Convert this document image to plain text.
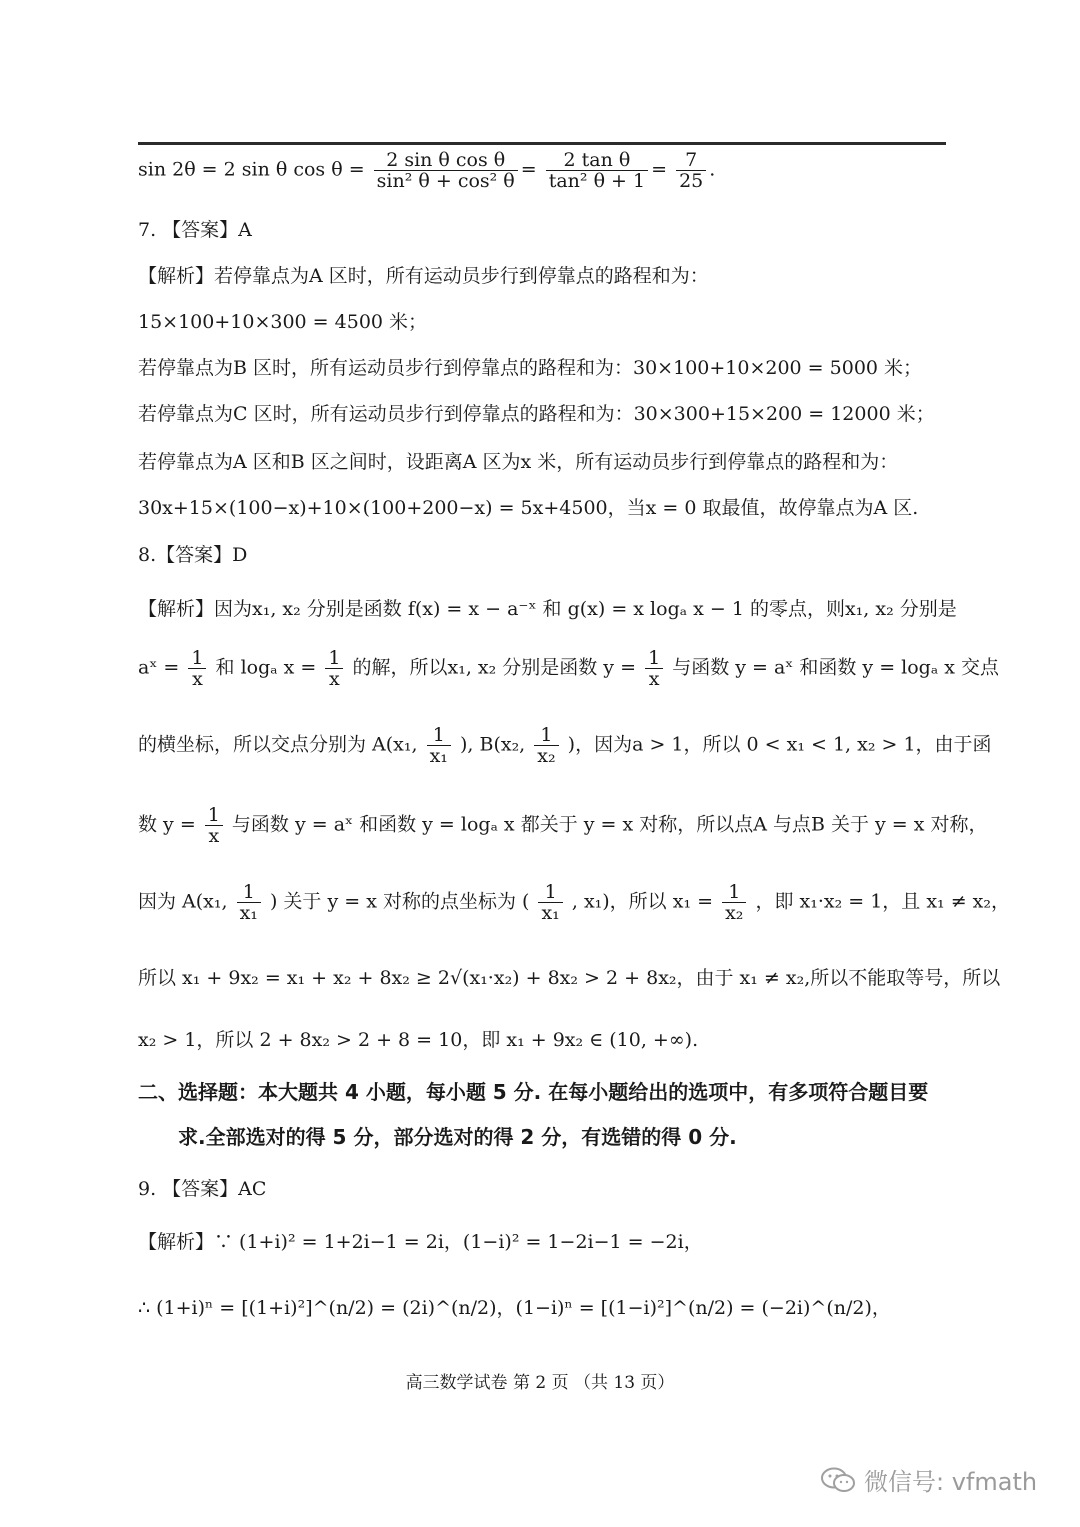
sin 2θ = 2 sin θ $\cos \theta = \frac{\text{2 sin θ cos θ}}{\text{sin² θ + cos² θ}} = \frac{\text{2 tan θ}}{\text{tan² θ + 1}} = \frac{7}{25}$ .
7. 【答案】A
【解析】若停靠点为A 区时，所有运动员步行到停靠点的路程和为：
15×100+10×300 = 4500 米；
若停靠点为B 区时，所有运动员步行到停靠点的路程和为：30×100+10×200 = 5000 米；
若停靠点为C 区时，所有运动员步行到停靠点的路程和为：30×300+15×200 = 12000 米；
若停靠点为A 区和B 区之间时，设距离A 区为x 米，所有运动员步行到停靠点的路程和为：
30x+15×(100−x)+10×(100+200−x) = 5x+4500，当x = 0 取最值，故停靠点为A 区.
8.【答案】D
【解析】因为x₁, x₂ 分别是函数 f(x) = x − a⁻ˣ 和 g(x) = x logₐ x − 1 的零点，则x₁, x₂ 分别是
aˣ = $\frac{1}{x}$ 和 logₐ $x = \frac{1}{x}$ 的解，所以x₁, x₂ 分别是函数 $y = \frac{1}{x}$ 与函数 y = aˣ 和函数 y = logₐ x 交点
的横坐标，所以交点分别为 A(x₁, $\frac{1}{\text{x₁}}$ ), B(x₂, $\frac{1}{\text{x₂}}$ )，因为a > 1，所以 0 < x₁ < 1, x₂ > 1，由于函
数 $y = \frac{1}{x}$ 与函数 y = aˣ 和函数 y = logₐ x 都关于 y = x 对称，所以点A 与点B 关于 y = x 对称，
因为 A(x₁, $\frac{1}{\text{x₁}}$ ) 关于 y = x 对称的点坐标为 ( $\frac{1}{\text{x₁}}$ , x₁)，所以 $x_1 = \frac{1}{\text{x₂}}$ ，即 x₁·x₂ = 1，且 x₁ ≠ x₂，
所以 x₁ + 9x₂ = x₁ + x₂ + 8x₂ ≥ 2√(x₁·x₂) + 8x₂ > 2 + 8x₂，由于 x₁ ≠ x₂,所以不能取等号，所以
x₂ > 1，所以 2 + 8x₂ > 2 + 8 = 10，即 x₁ + 9x₂ ∈ (10, +∞).
二、选择题：本大题共 4 小题，每小题 5 分. 在每小题给出的选项中，有多项符合题目要
求.全部选对的得 5 分，部分选对的得 2 分，有选错的得 0 分.
9. 【答案】AC
【解析】∵ (1+i)² = 1+2i−1 = 2i，(1−i)² = 1−2i−1 = −2i，
∴ (1+i)ⁿ = [(1+i)²]^(n/2) = (2i)^(n/2)，(1−i)ⁿ = [(1−i)²]^(n/2) = (−2i)^(n/2)，
高三数学试卷 第 2 页 （共 13 页）
微信号: vfmath
